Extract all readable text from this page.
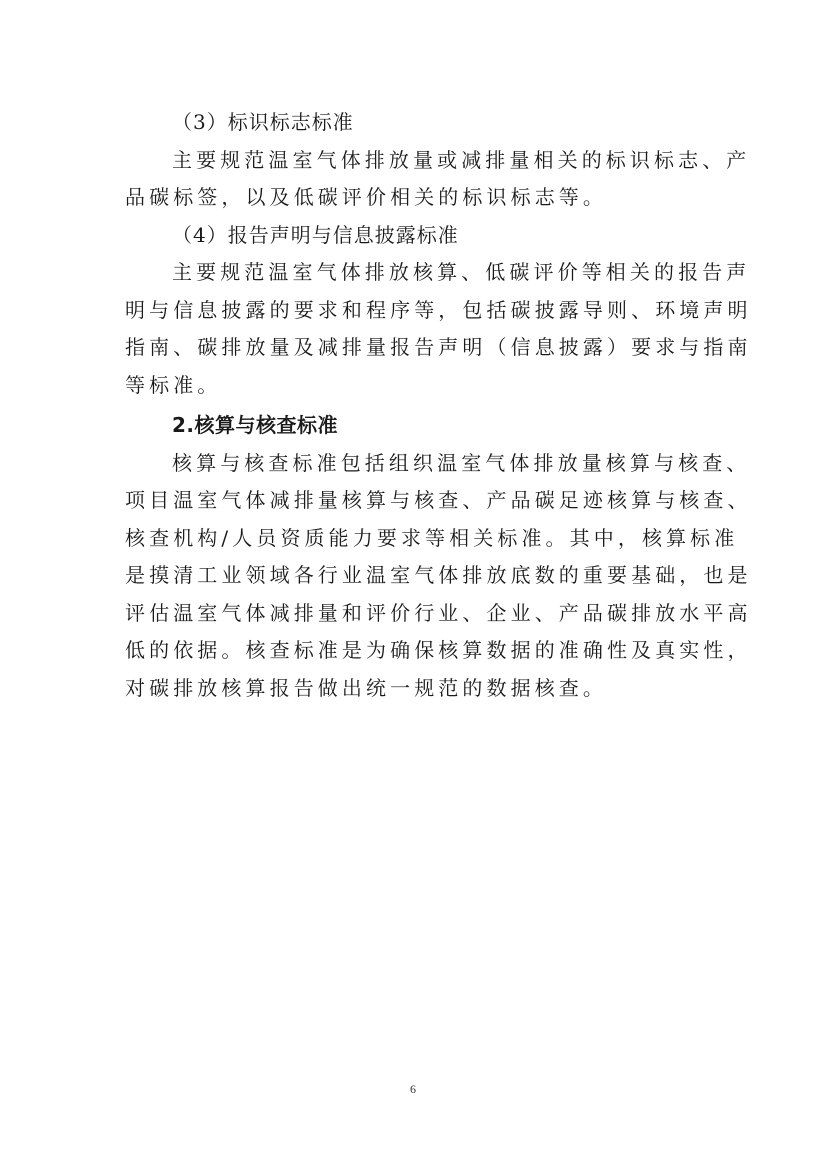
（3）标识标志标准
主要规范温室气体排放量或减排量相关的标识标志、产
品碳标签，以及低碳评价相关的标识标志等。
（4）报告声明与信息披露标准
主要规范温室气体排放核算、低碳评价等相关的报告声
明与信息披露的要求和程序等，包括碳披露导则、环境声明
指南、碳排放量及减排量报告声明（信息披露）要求与指南
等标准。
2.核算与核查标准
核算与核查标准包括组织温室气体排放量核算与核查、
项目温室气体减排量核算与核查、产品碳足迹核算与核查、
核查机构/人员资质能力要求等相关标准。其中，核算标准
是摸清工业领域各行业温室气体排放底数的重要基础，也是
评估温室气体减排量和评价行业、企业、产品碳排放水平高
低的依据。核查标准是为确保核算数据的准确性及真实性，
对碳排放核算报告做出统一规范的数据核查。
6
